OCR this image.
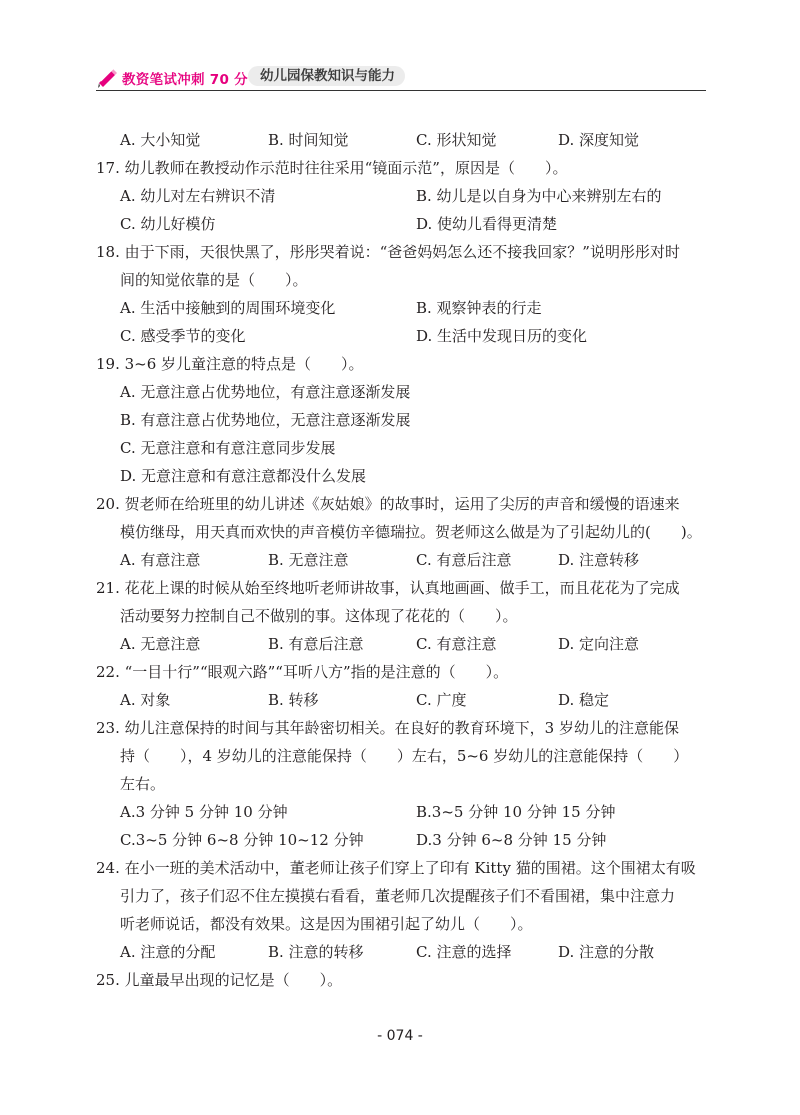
教资笔试冲刺 70 分 幼儿园保教知识与能力
A. 大小知觉	B. 时间知觉	C. 形状知觉	D. 深度知觉
17. 幼儿教师在教授动作示范时往往采用“镜面示范”，原因是（　　）。
A. 幼儿对左右辨识不清	B. 幼儿是以自身为中心来辨别左右的
C. 幼儿好模仿	D. 使幼儿看得更清楚
18. 由于下雨，天很快黑了，彤彤哭着说：“爸爸妈妈怎么还不接我回家？”说明彤彤对时
间的知觉依靠的是（　　）。
A. 生活中接触到的周围环境变化	B. 观察钟表的行走
C. 感受季节的变化	D. 生活中发现日历的变化
19. 3~6 岁儿童注意的特点是（　　）。
A. 无意注意占优势地位，有意注意逐渐发展
B. 有意注意占优势地位，无意注意逐渐发展
C. 无意注意和有意注意同步发展
D. 无意注意和有意注意都没什么发展
20. 贺老师在给班里的幼儿讲述《灰姑娘》的故事时，运用了尖厉的声音和缓慢的语速来
模仿继母，用天真而欢快的声音模仿辛德瑞拉。贺老师这么做是为了引起幼儿的(　　)。
A. 有意注意	B. 无意注意	C. 有意后注意	D. 注意转移
21. 花花上课的时候从始至终地听老师讲故事，认真地画画、做手工，而且花花为了完成
活动要努力控制自己不做别的事。这体现了花花的（　　）。
A. 无意注意	B. 有意后注意	C. 有意注意	D. 定向注意
22. “一目十行”“眼观六路”“耳听八方”指的是注意的（　　）。
A. 对象	B. 转移	C. 广度	D. 稳定
23. 幼儿注意保持的时间与其年龄密切相关。在良好的教育环境下，3 岁幼儿的注意能保
持（　　），4 岁幼儿的注意能保持（　　）左右，5~6 岁幼儿的注意能保持（　　）
左右。
A.3 分钟 5 分钟 10 分钟	B.3~5 分钟 10 分钟 15 分钟
C.3~5 分钟 6~8 分钟 10~12 分钟	D.3 分钟 6~8 分钟 15 分钟
24. 在小一班的美术活动中，董老师让孩子们穿上了印有 Kitty 猫的围裙。这个围裙太有吸
引力了，孩子们忍不住左摸摸右看看，董老师几次提醒孩子们不看围裙，集中注意力
听老师说话，都没有效果。这是因为围裙引起了幼儿（　　）。
A. 注意的分配	B. 注意的转移	C. 注意的选择	D. 注意的分散
25. 儿童最早出现的记忆是（　　）。
- 074 -
